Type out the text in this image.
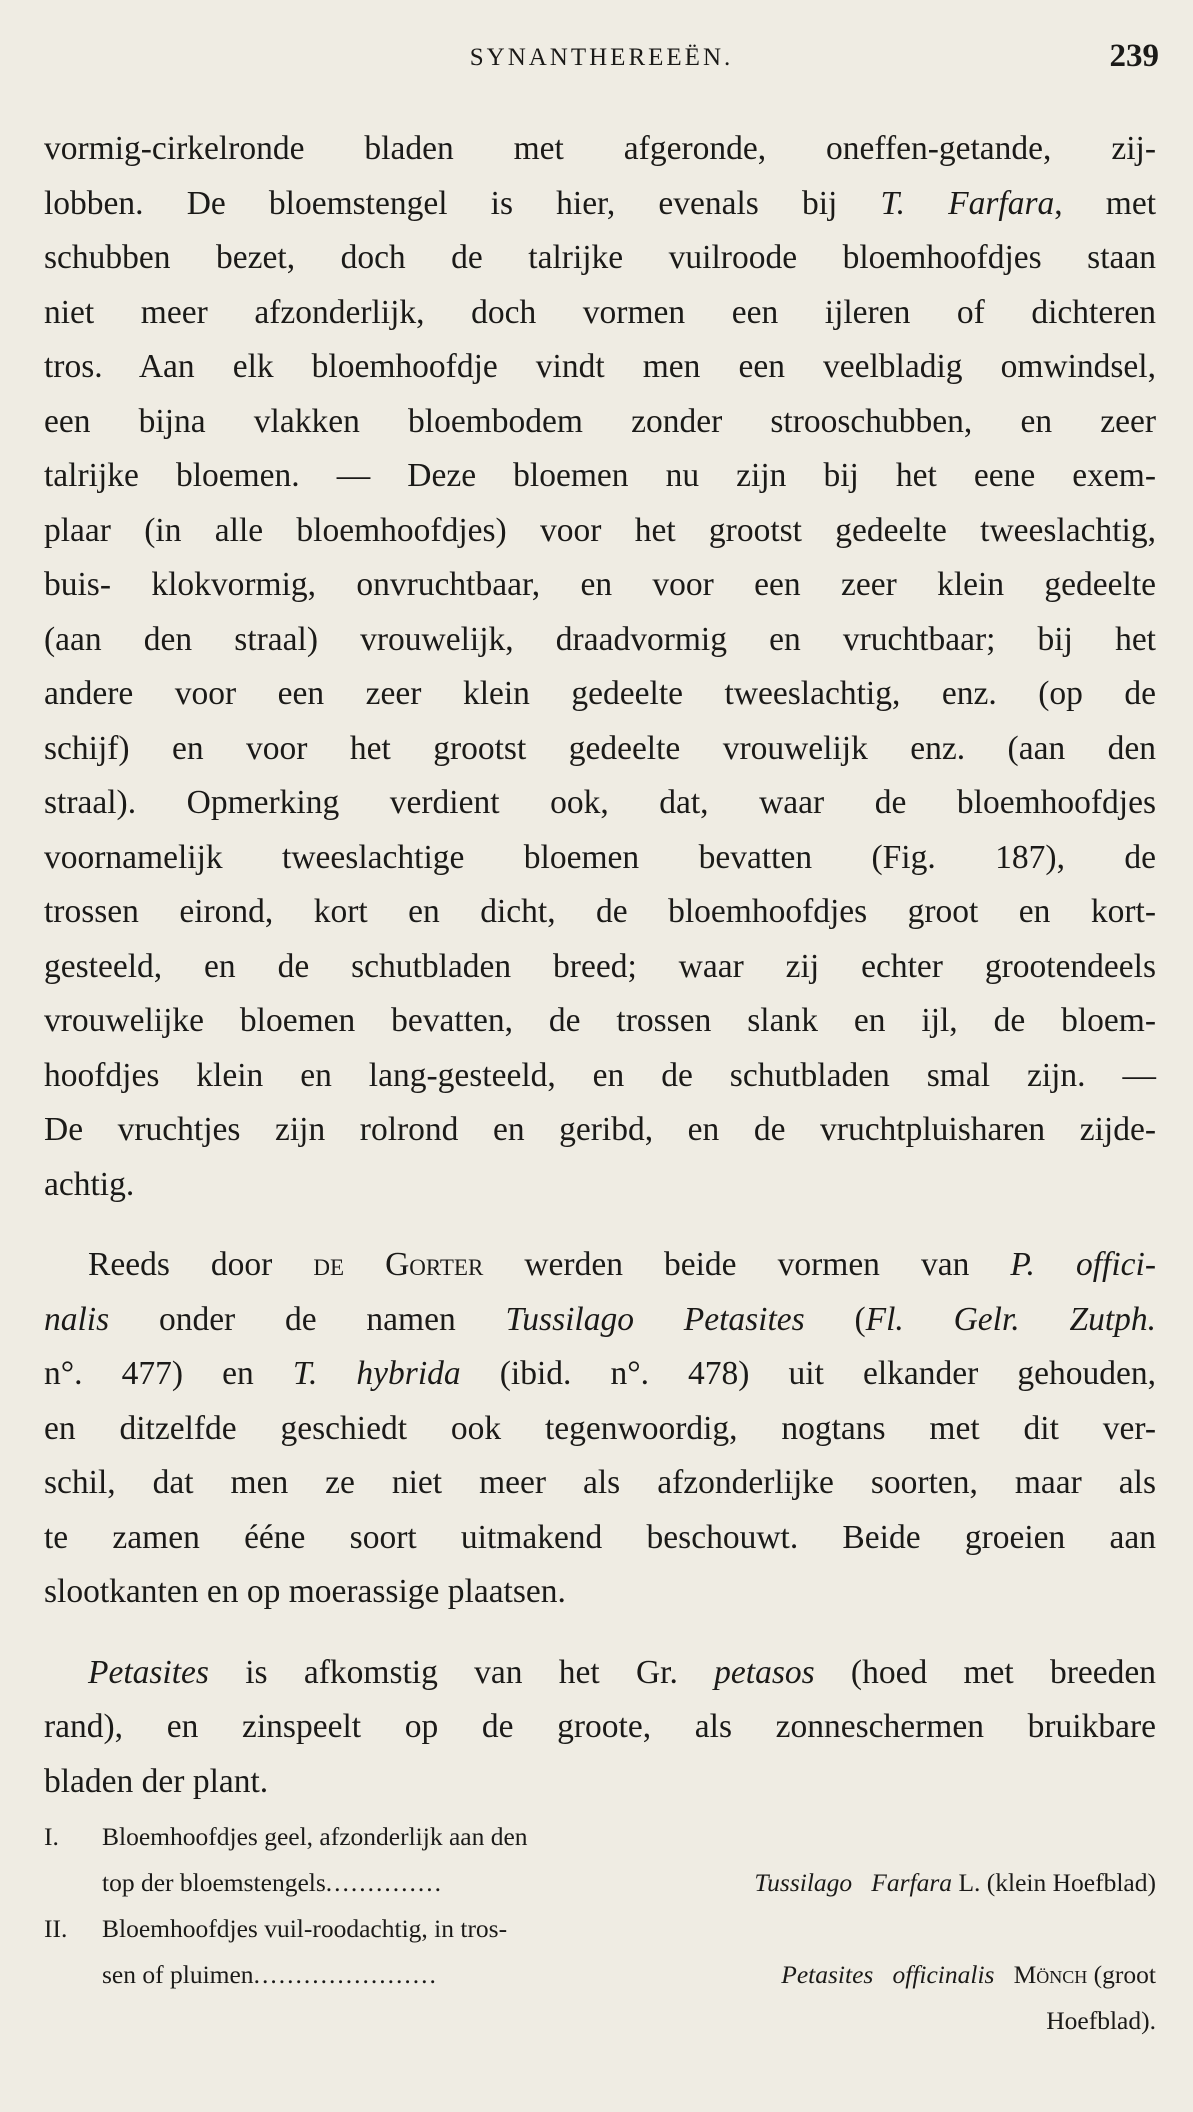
SYNANTHEREEËN.	239

vormig-cirkelronde bladen met afgeronde, oneffen-getande, zij-
lobben. De bloemstengel is hier, evenals bij T. Farfara, met
schubben bezet, doch de talrijke vuilroode bloemhoofdjes staan
niet meer afzonderlijk, doch vormen een ijleren of dichteren
tros. Aan elk bloemhoofdje vindt men een veelbladig omwindsel,
een bijna vlakken bloembodem zonder strooschubben, en zeer
talrijke bloemen. — Deze bloemen nu zijn bij het eene exem-
plaar (in alle bloemhoofdjes) voor het grootst gedeelte tweeslachtig,
buis- klokvormig, onvruchtbaar, en voor een zeer klein gedeelte
(aan den straal) vrouwelijk, draadvormig en vruchtbaar; bij het
andere voor een zeer klein gedeelte tweeslachtig, enz. (op de
schijf) en voor het grootst gedeelte vrouwelijk enz. (aan den
straal). Opmerking verdient ook, dat, waar de bloemhoofdjes
voornamelijk tweeslachtige bloemen bevatten (Fig. 187), de
trossen eirond, kort en dicht, de bloemhoofdjes groot en kort-
gesteeld, en de schutbladen breed; waar zij echter grootendeels
vrouwelijke bloemen bevatten, de trossen slank en ijl, de bloem-
hoofdjes klein en lang-gesteeld, en de schutbladen smal zijn. —
De vruchtjes zijn rolrond en geribd, en de vruchtpluisharen zijde-
achtig.

Reeds door de Gorter werden beide vormen van P. offici-
nalis onder de namen Tussilago Petasites (Fl. Gelr. Zutph.
n°. 477) en T. hybrida (ibid. n°. 478) uit elkander gehouden,
en ditzelfde geschiedt ook tegenwoordig, nogtans met dit ver-
schil, dat men ze niet meer als afzonderlijke soorten, maar als
te zamen ééne soort uitmakend beschouwt. Beide groeien aan
slootkanten en op moerassige plaatsen.

Petasites is afkomstig van het Gr. petasos (hoed met breeden
rand), en zinspeelt op de groote, als zonneschermen bruikbare
bladen der plant.

I. Bloemhoofdjes geel, afzonderlijk aan den
top der bloemstengels ..............	Tussilago Farfara L. (klein Hoefblad)
II. Bloemhoofdjes vuil-roodachtig, in tros-
sen of pluimen ......................	Petasites officinalis Mönch (groot
Hoefblad).
